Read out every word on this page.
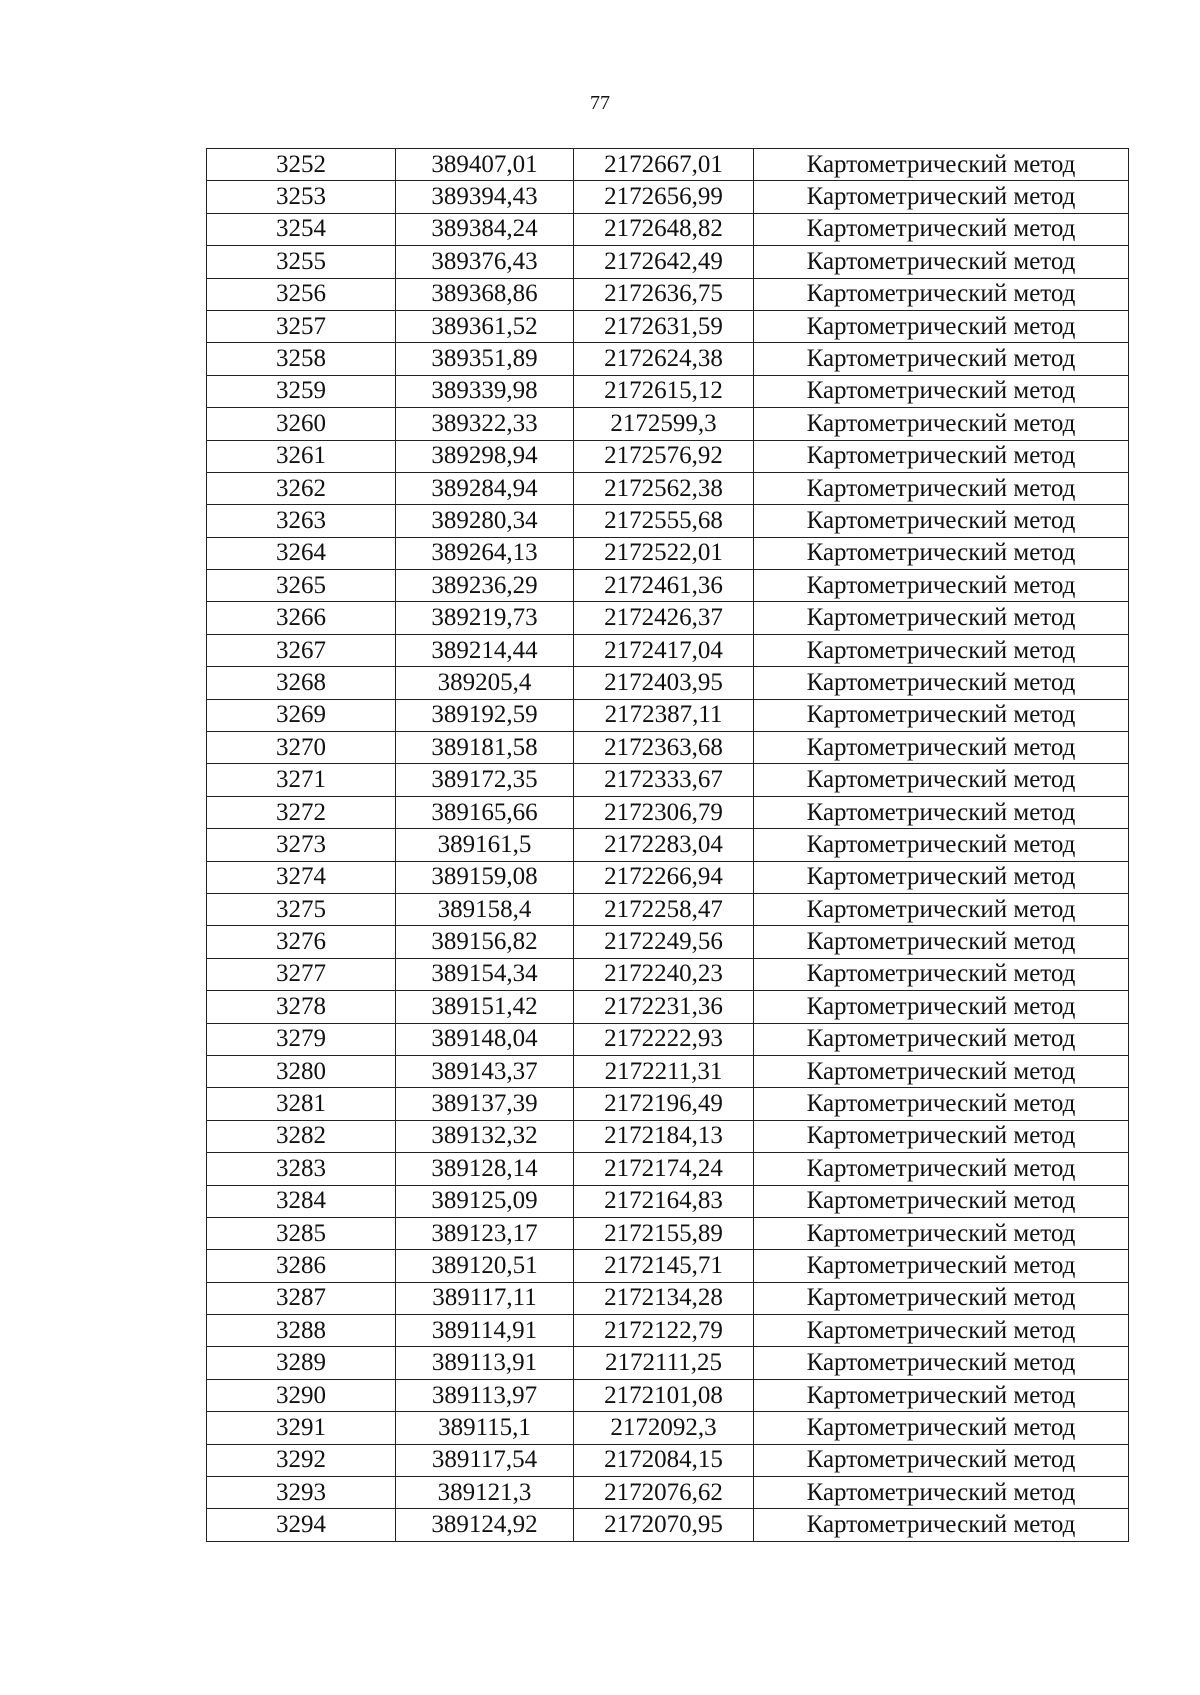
77
3252	389407,01	2172667,01	Картометрический метод
3253	389394,43	2172656,99	Картометрический метод
3254	389384,24	2172648,82	Картометрический метод
3255	389376,43	2172642,49	Картометрический метод
3256	389368,86	2172636,75	Картометрический метод
3257	389361,52	2172631,59	Картометрический метод
3258	389351,89	2172624,38	Картометрический метод
3259	389339,98	2172615,12	Картометрический метод
3260	389322,33	2172599,3	Картометрический метод
3261	389298,94	2172576,92	Картометрический метод
3262	389284,94	2172562,38	Картометрический метод
3263	389280,34	2172555,68	Картометрический метод
3264	389264,13	2172522,01	Картометрический метод
3265	389236,29	2172461,36	Картометрический метод
3266	389219,73	2172426,37	Картометрический метод
3267	389214,44	2172417,04	Картометрический метод
3268	389205,4	2172403,95	Картометрический метод
3269	389192,59	2172387,11	Картометрический метод
3270	389181,58	2172363,68	Картометрический метод
3271	389172,35	2172333,67	Картометрический метод
3272	389165,66	2172306,79	Картометрический метод
3273	389161,5	2172283,04	Картометрический метод
3274	389159,08	2172266,94	Картометрический метод
3275	389158,4	2172258,47	Картометрический метод
3276	389156,82	2172249,56	Картометрический метод
3277	389154,34	2172240,23	Картометрический метод
3278	389151,42	2172231,36	Картометрический метод
3279	389148,04	2172222,93	Картометрический метод
3280	389143,37	2172211,31	Картометрический метод
3281	389137,39	2172196,49	Картометрический метод
3282	389132,32	2172184,13	Картометрический метод
3283	389128,14	2172174,24	Картометрический метод
3284	389125,09	2172164,83	Картометрический метод
3285	389123,17	2172155,89	Картометрический метод
3286	389120,51	2172145,71	Картометрический метод
3287	389117,11	2172134,28	Картометрический метод
3288	389114,91	2172122,79	Картометрический метод
3289	389113,91	2172111,25	Картометрический метод
3290	389113,97	2172101,08	Картометрический метод
3291	389115,1	2172092,3	Картометрический метод
3292	389117,54	2172084,15	Картометрический метод
3293	389121,3	2172076,62	Картометрический метод
3294	389124,92	2172070,95	Картометрический метод
